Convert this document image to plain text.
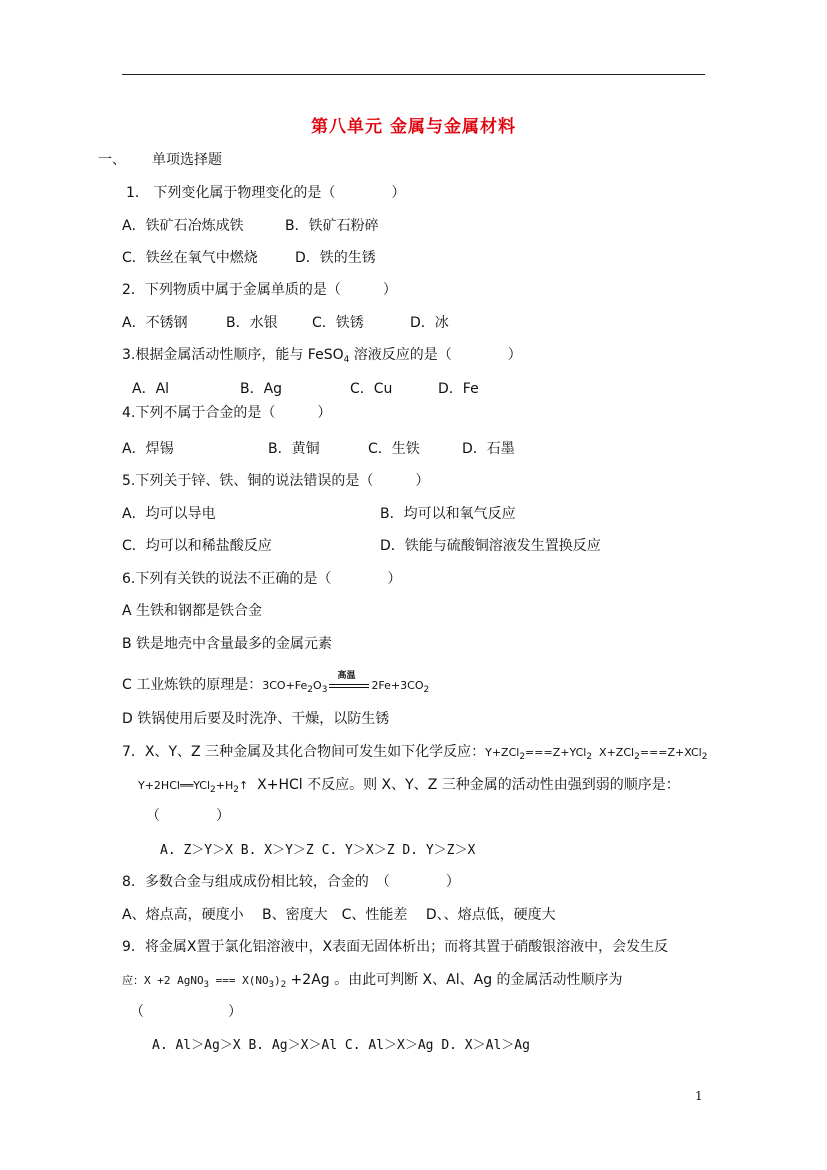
第八单元 金属与金属材料
一、 单项选择题
1． 下列变化属于物理变化的是（　　　　）
A．铁矿石冶炼成铁	B．铁矿石粉碎
C．铁丝在氧气中燃烧	D．铁的生锈
2．下列物质中属于金属单质的是（　　　）
A．不锈钢	B．水银 C．铁锈	D．冰
3.根据金属活动性顺序，能与 FeSO$_4$ 溶液反应的是（　　　　）
A．Al	B．Ag	C．Cu	D．Fe
4.下列不属于合金的是（　　　）
A．焊锡	B．黄铜	C．生铁	D．石墨
5.下列关于锌、铁、铜的说法错误的是（　　　）
A．均可以导电	B．均可以和氧气反应
C．均可以和稀盐酸反应	D．铁能与硫酸铜溶液发生置换反应
6.下列有关铁的说法不正确的是（　　　　）
A 生铁和钢都是铁合金
B 铁是地壳中含量最多的金属元素
C 工业炼铁的原理是：$3CO+Fe_2O_3$
高温
$2Fe+3CO_2$
D 铁锅使用后要及时洗净、干燥，以防生锈
7．X、Y、Z 三种金属及其化合物间可发生如下化学反应：Y+ZCl$_2$===Z+YCl$_2$ X+ZCl$_2$===Z+XCl$_2$
$Y+2HCl══YCl_2+H_2↑$ X+HCl 不反应。则 X、Y、Z 三种金属的活动性由强到弱的顺序是：
（　　　　）
A. Z＞Y＞X B. X＞Y＞Z C. Y＞X＞Z D. Y＞Z＞X
8．多数合金与组成成份相比较，合金的　（　　　　）
A、熔点高，硬度小　 B、密度大　C、性能差　 D、、熔点低，硬度大
9．将金属X置于氯化铝溶液中，X表面无固体析出；而将其置于硝酸银溶液中，会发生反
应：X +2 AgNO$_3$ === $X(NO_3)_2 +2Ag$ 。由此可判断 X、Al、Ag 的金属活动性顺序为
（　　　　　　）
A. Al＞Ag＞X B. Ag＞X＞Al C. Al＞X＞Ag D. X＞Al＞Ag
1
